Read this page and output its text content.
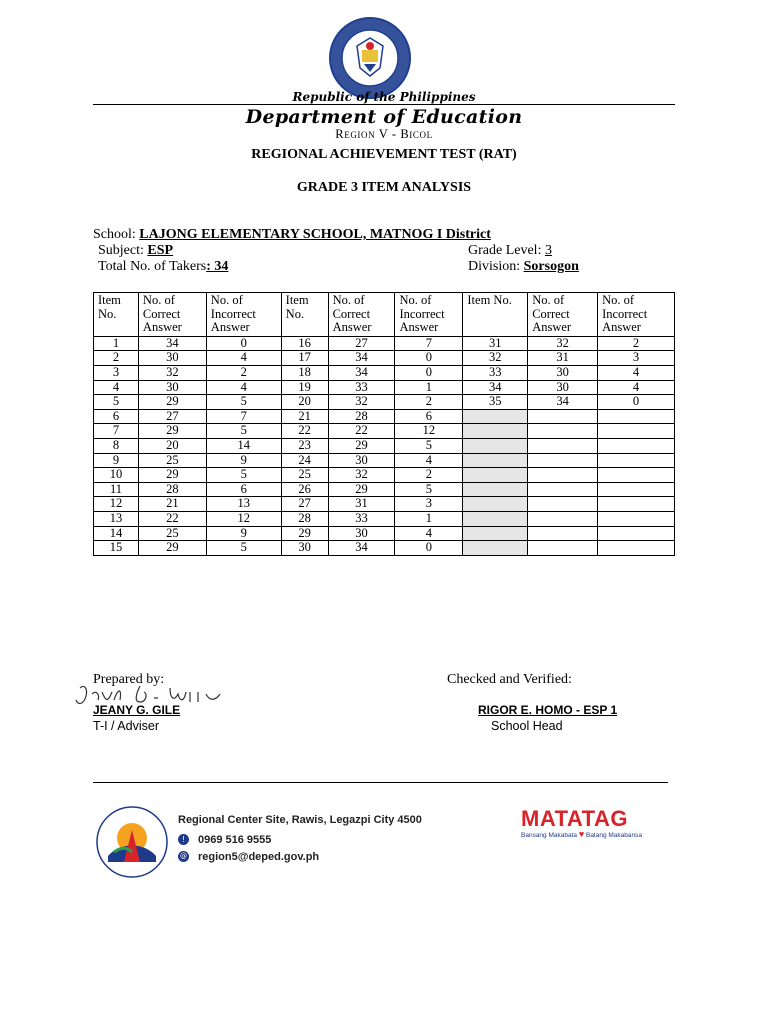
Republic of the Philippines
Department of Education
Region V - Bicol
REGIONAL ACHIEVEMENT TEST (RAT)
GRADE 3 ITEM ANALYSIS
School: LAJONG ELEMENTARY SCHOOL, MATNOG I District
Subject: ESP
Total No. of Takers: 34
Grade Level: 3
Division: Sorsogon
Item No.	No. of Correct Answer	No. of Incorrect Answer	Item No.	No. of Correct Answer	No. of Incorrect Answer	Item No.	No. of Correct Answer	No. of Incorrect Answer
1	34	0	16	27	7	31	32	2
2	30	4	17	34	0	32	31	3
3	32	2	18	34	0	33	30	4
4	30	4	19	33	1	34	30	4
5	29	5	20	32	2	35	34	0
6	27	7	21	28	6			
7	29	5	22	22	12			
8	20	14	23	29	5			
9	25	9	24	30	4			
10	29	5	25	32	2			
11	28	6	26	29	5			
12	21	13	27	31	3			
13	22	12	28	33	1			
14	25	9	29	30	4			
15	29	5	30	34	0			
Prepared by:
JEANY G. GILE
T-I / Adviser
Checked and Verified:
RIGOR E. HOMO - ESP 1
School Head
Regional Center Site, Rawis, Legazpi City 4500
!	0969 516 9555
@ region5@deped.gov.ph
MATATAG
Bansang Makabata ♥ Batang Makabansa
